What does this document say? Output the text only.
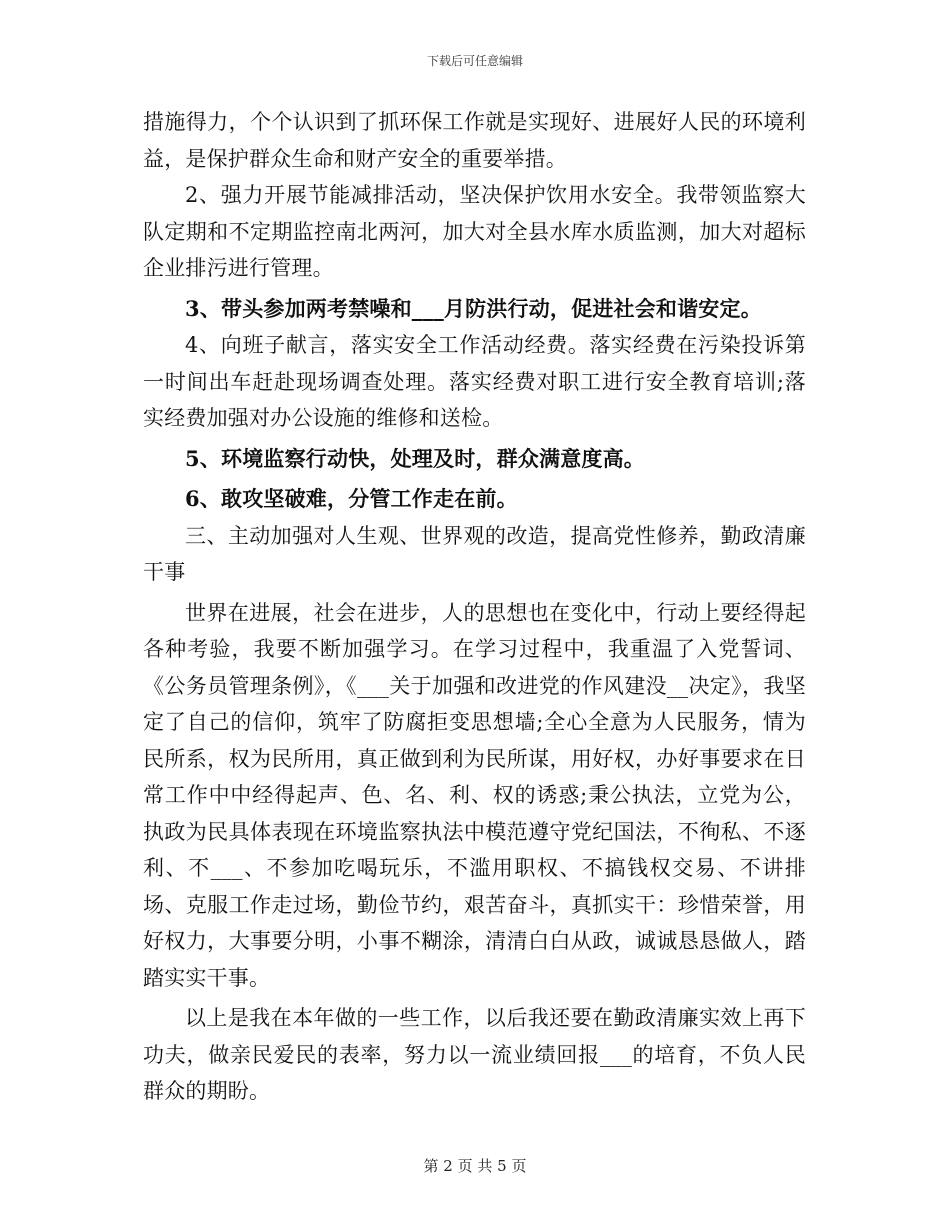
下载后可任意编辑

措施得力，个个认识到了抓环保工作就是实现好、进展好人民的环境利益，是保护群众生命和财产安全的重要举措。

2、强力开展节能减排活动，坚决保护饮用水安全。我带领监察大队定期和不定期监控南北两河，加大对全县水库水质监测，加大对超标企业排污进行管理。

3、带头参加两考禁噪和___月防洪行动，促进社会和谐安定。

4、向班子献言，落实安全工作活动经费。落实经费在污染投诉第一时间出车赶赴现场调查处理。落实经费对职工进行安全教育培训;落实经费加强对办公设施的维修和送检。

5、环境监察行动快，处理及时，群众满意度高。

6、敢攻坚破难，分管工作走在前。

三、主动加强对人生观、世界观的改造，提高党性修养，勤政清廉干事

世界在进展，社会在进步，人的思想也在变化中，行动上要经得起各种考验，我要不断加强学习。在学习过程中，我重温了入党誓词、《公务员管理条例》，《___关于加强和改进党的作风建没__决定》，我坚定了自己的信仰，筑牢了防腐拒变思想墙;全心全意为人民服务，情为民所系，权为民所用，真正做到利为民所谋，用好权，办好事要求在日常工作中中经得起声、色、名、利、权的诱惑;秉公执法，立党为公，执政为民具体表现在环境监察执法中模范遵守党纪国法，不徇私、不逐利、不___、不参加吃喝玩乐，不滥用职权、不搞钱权交易、不讲排场、克服工作走过场，勤俭节约，艰苦奋斗，真抓实干：珍惜荣誉，用好权力，大事要分明，小事不糊涂，清清白白从政，诚诚恳恳做人，踏踏实实干事。

以上是我在本年做的一些工作，以后我还要在勤政清廉实效上再下功夫，做亲民爱民的表率，努力以一流业绩回报___的培育，不负人民群众的期盼。

第 2 页 共 5 页
